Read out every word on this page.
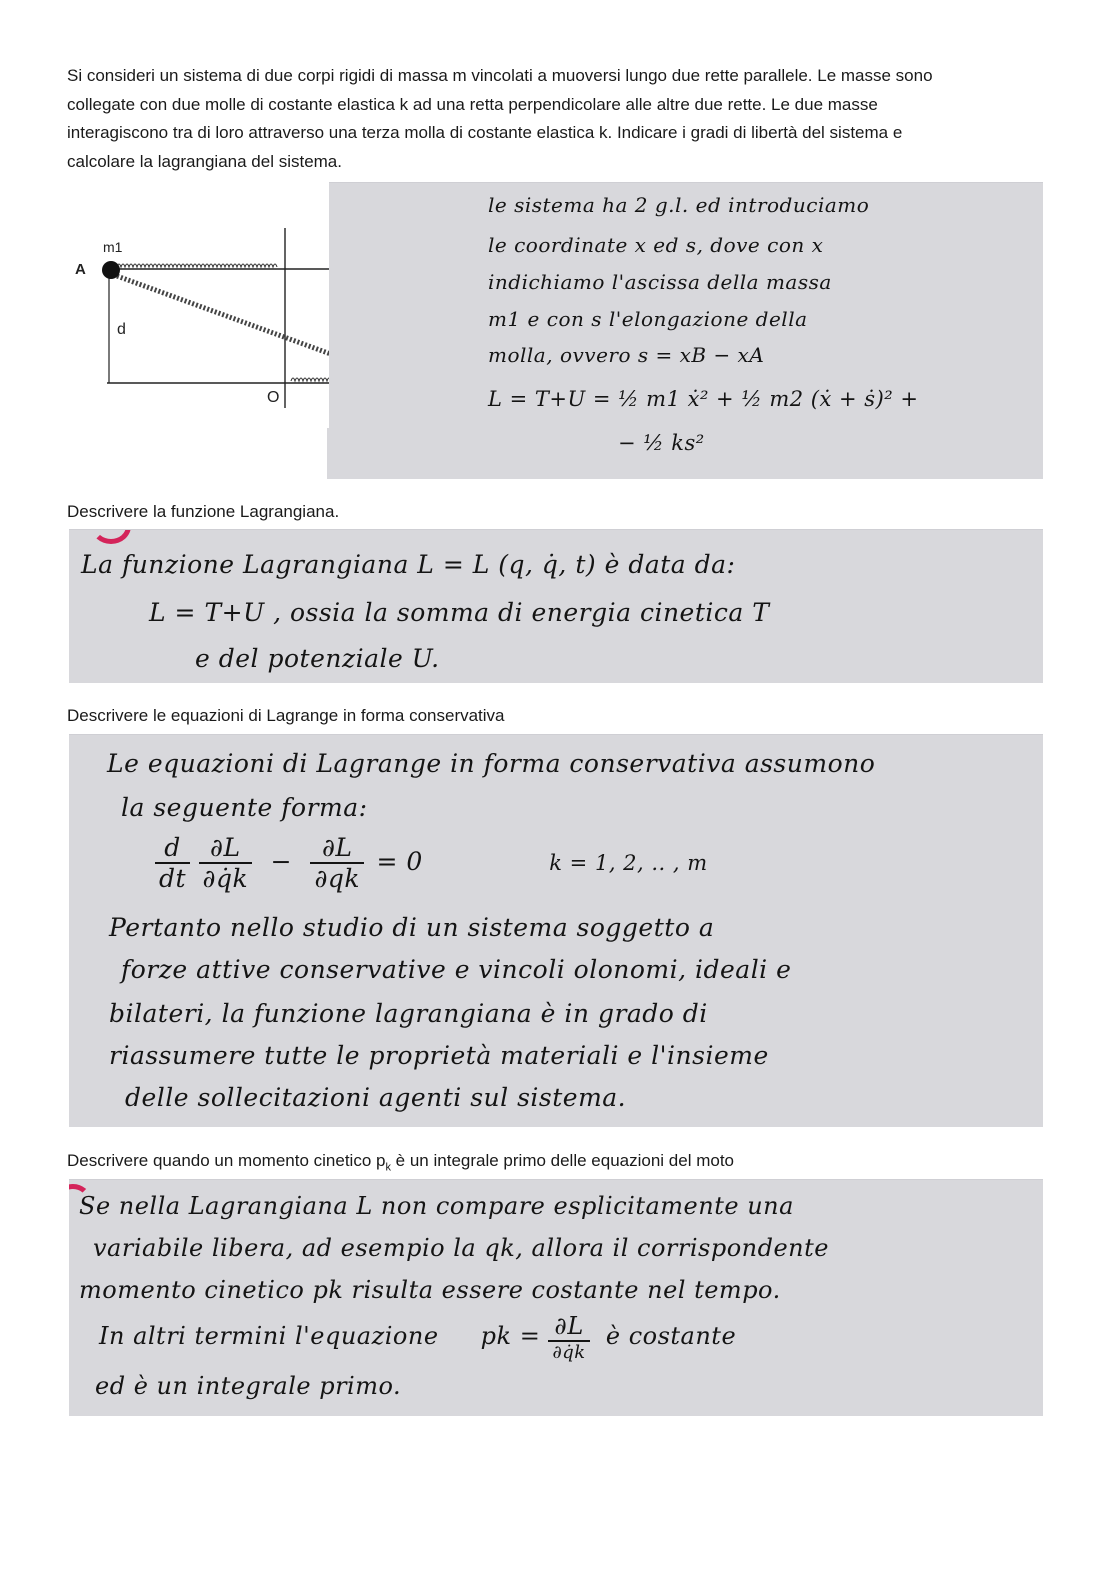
Si consideri un sistema di due corpi rigidi di massa m vincolati a muoversi lungo due rette parallele. Le masse sono
collegate con due molle di costante elastica k ad una retta perpendicolare alle altre due rette. Le due masse
interagiscono tra di loro attraverso una terza molla di costante elastica k. Indicare i gradi di libertà del sistema e
calcolare la lagrangiana del sistema.
m1
A
d
O
le sistema ha 2 g.l. ed introduciamo
le coordinate x ed s, dove con x
indichiamo l'ascissa della massa
m1 e con s l'elongazione della
molla, ovvero s = xB − xA
L = T+U = ½ m1 ẋ² + ½ m2 (ẋ + ṡ)² +
− ½ ks²
Descrivere la funzione Lagrangiana.
La funzione Lagrangiana L = L (q, q̇, t) è data da:
L = T+U , ossia la somma di energia cinetica T
e del potenziale U.
Descrivere le equazioni di Lagrange in forma conservativa
Le equazioni di Lagrange in forma conservativa assumono
la seguente forma:
$\frac{d}{dt}$
$\frac{\partial L}{\partial q̇k} - \frac{\partial L}{\partial qk} = 0$	k = 1, 2, .. , m
Pertanto nello studio di un sistema soggetto a
forze attive conservative e vincoli olonomi, ideali e
bilateri, la funzione lagrangiana è in grado di
riassumere tutte le proprietà materiali e l'insieme
delle sollecitazioni agenti sul sistema.
Descrivere quando un momento cinetico $p_k$ è un integrale primo delle equazioni del moto
Se nella Lagrangiana L non compare esplicitamente una
variabile libera, ad esempio la qk, allora il corrispondente
momento cinetico pk risulta essere costante nel tempo.
In altri termini l'equazione pk = $\frac{\partial L}{\partial q̇k}$ è costante
ed è un integrale primo.
